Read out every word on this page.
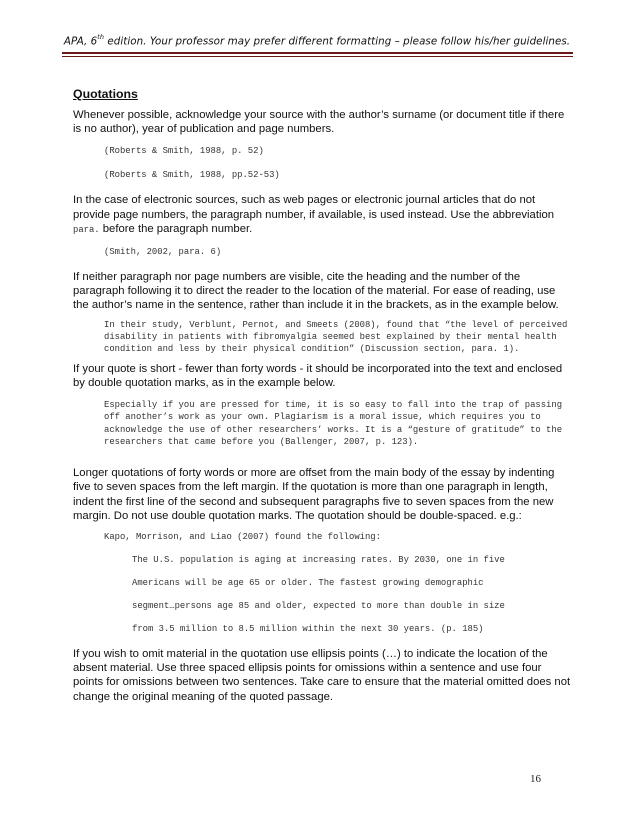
APA, 6th edition. Your professor may prefer different formatting – please follow his/her guidelines.
Quotations

Whenever possible, acknowledge your source with the author’s surname (or document title if there is no author), year of publication and page numbers.

(Roberts & Smith, 1988, p. 52)

(Roberts & Smith, 1988, pp.52-53)

In the case of electronic sources, such as web pages or electronic journal articles that do not provide page numbers, the paragraph number, if available, is used instead. Use the abbreviation para. before the paragraph number.

(Smith, 2002, para. 6)

If neither paragraph nor page numbers are visible, cite the heading and the number of the paragraph following it to direct the reader to the location of the material. For ease of reading, use the author’s name in the sentence, rather than include it in the brackets, as in the example below.

In their study, Verblunt, Pernot, and Smeets (2008), found that “the level of perceived disability in patients with fibromyalgia seemed best explained by their mental health condition and less by their physical condition” (Discussion section, para. 1).

If your quote is short - fewer than forty words - it should be incorporated into the text and enclosed by double quotation marks, as in the example below.

Especially if you are pressed for time, it is so easy to fall into the trap of passing off another’s work as your own. Plagiarism is a moral issue, which requires you to acknowledge the use of other researchers’ works. It is a “gesture of gratitude” to the researchers that came before you (Ballenger, 2007, p. 123).

Longer quotations of forty words or more are offset from the main body of the essay by indenting five to seven spaces from the left margin. If the quotation is more than one paragraph in length, indent the first line of the second and subsequent paragraphs five to seven spaces from the new margin. Do not use double quotation marks. The quotation should be double-spaced. e.g.:

Kapo, Morrison, and Liao (2007) found the following:

The U.S. population is aging at increasing rates. By 2030, one in five

Americans will be age 65 or older. The fastest growing demographic

segment…persons age 85 and older, expected to more than double in size

from 3.5 million to 8.5 million within the next 30 years. (p. 185)

If you wish to omit material in the quotation use ellipsis points (…) to indicate the location of the absent material. Use three spaced ellipsis points for omissions within a sentence and use four points for omissions between two sentences. Take care to ensure that the material omitted does not change the original meaning of the quoted passage.

16
